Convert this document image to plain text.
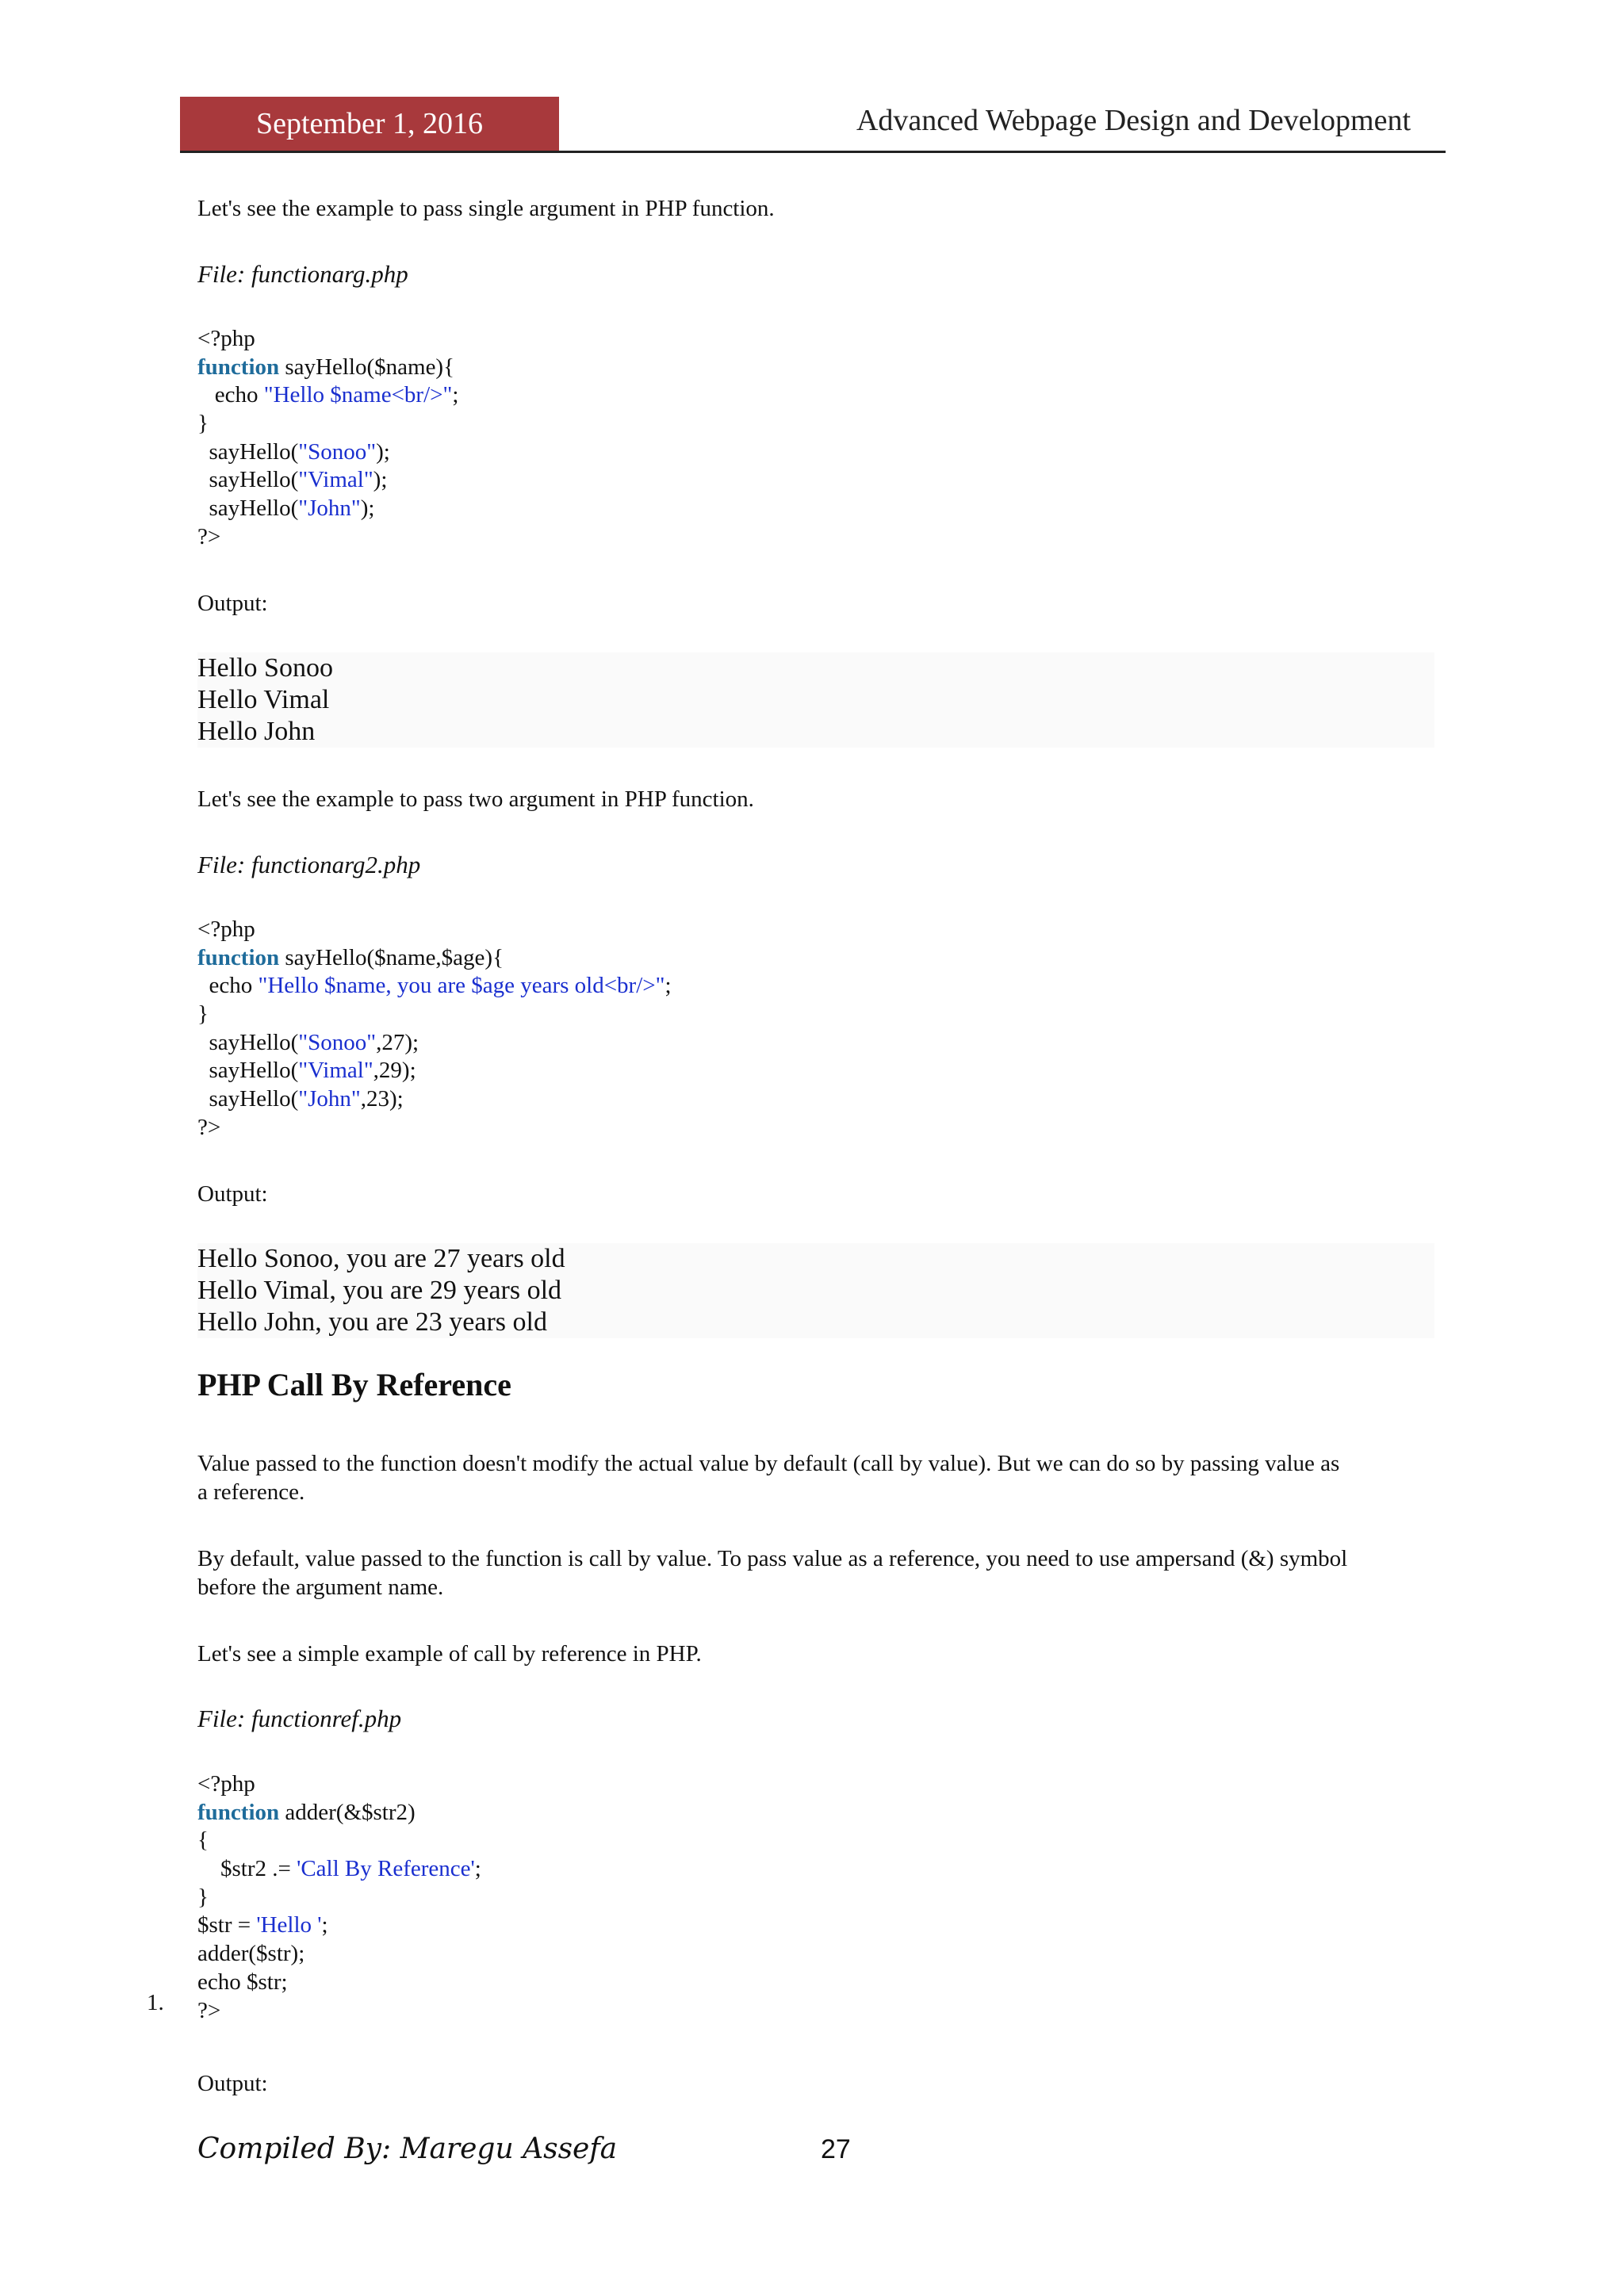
September 1, 2016	Advanced Webpage Design and Development

Let's see the example to pass single argument in PHP function.

File: functionarg.php

<?php
function sayHello($name){
echo "Hello $name<br/>";
}
sayHello("Sonoo");
sayHello("Vimal");
sayHello("John");
?>

Output:

Hello Sonoo
Hello Vimal
Hello John

Let's see the example to pass two argument in PHP function.

File: functionarg2.php

<?php
function sayHello($name,$age){
echo "Hello $name, you are $age years old<br/>";
}
sayHello("Sonoo",27);
sayHello("Vimal",29);
sayHello("John",23);
?>

Output:

Hello Sonoo, you are 27 years old
Hello Vimal, you are 29 years old
Hello John, you are 23 years old
PHP Call By Reference

Value passed to the function doesn't modify the actual value by default (call by value). But we can do so by passing value as

a reference.

By default, value passed to the function is call by value. To pass value as a reference, you need to use ampersand (&) symbol

before the argument name.

Let's see a simple example of call by reference in PHP.

File: functionref.php

<?php
function adder(&$str2)
{
$str2 .= 'Call By Reference';
}
$str = 'Hello ';
adder($str);
echo $str;
?>

Output:

1.
Compiled By: Maregu Assefa	27
